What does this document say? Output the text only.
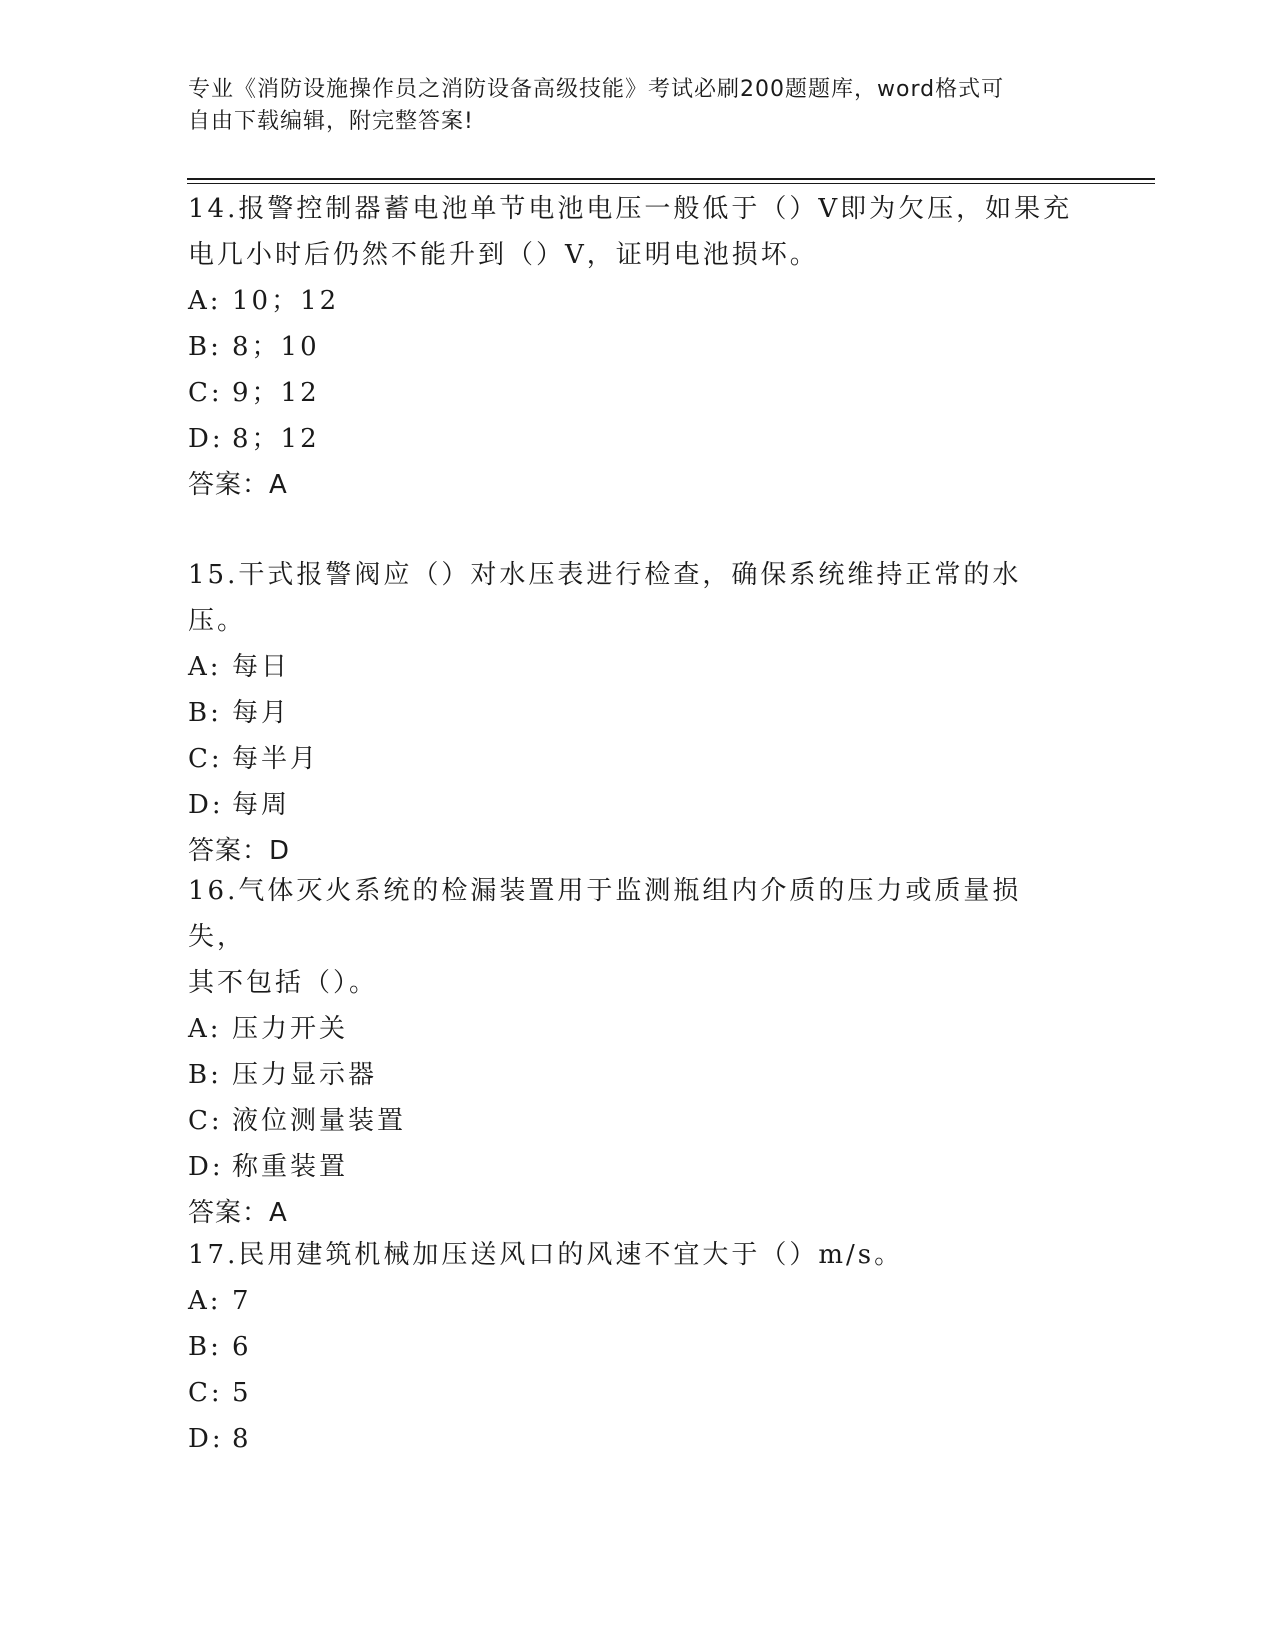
专业《消防设施操作员之消防设备高级技能》考试必刷200题题库，word格式可
自由下载编辑，附完整答案!
14.报警控制器蓄电池单节电池电压一般低于（）V即为欠压，如果充
电几小时后仍然不能升到（）V，证明电池损坏。
A: 10；12
B: 8；10
C: 9；12
D: 8；12
答案：A
15.干式报警阀应（）对水压表进行检查，确保系统维持正常的水压。
A: 每日
B: 每月
C: 每半月
D: 每周
答案：D
16.气体灭火系统的检漏装置用于监测瓶组内介质的压力或质量损失，
其不包括（）。
A: 压力开关
B: 压力显示器
C: 液位测量装置
D: 称重装置
答案：A
17.民用建筑机械加压送风口的风速不宜大于（）m/s。
A: 7
B: 6
C: 5
D: 8
